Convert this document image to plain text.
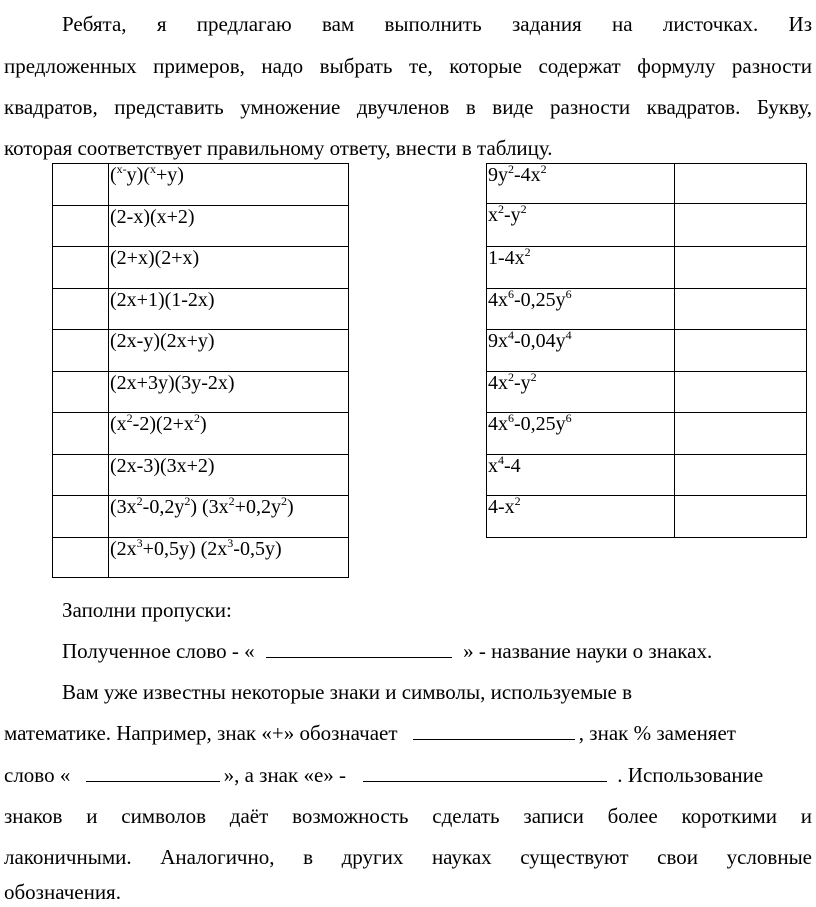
Ребята, я предлагаю вам выполнить задания на листочках. Из

предложенных примеров, надо выбрать те, которые содержат формулу разности

квадратов, представить умножение двучленов в виде разности квадратов. Букву,

которая соответствует правильному ответу, внести в таблицу.

	($^{x-}$y)($^x$+y)
	(2-x)(x+2)
	(2+x)(2+x)
	(2x+1)(1-2x)
	(2x-y)(2x+y)
	(2x+3y)(3y-2x)
	$(x^2-2)(2+x^2)$
	(2x-3)(3x+2)
	$(3x^2-0,2y^2)$ $(3x^2+0,2y^2)$
	$(2x^3+0,5y)$ $(2x^3-0,5y)$
$9y^2-4x^2$	
$x^2-y^2$	
$1-4x^2$	
$4x^6-0,25y^6$	
$9x^4-0,04y^4$	
$4x^2-y^2$	
$4x^6-0,25y^6$	
$x^4-4$	
$4-x^2$	

Заполни пропуски:

Полученное слово - «	» - название науки о знаках.

Вам уже известны некоторые знаки и символы, используемые в

математике. Например, знак «+» обозначает	, знак % заменяет

слово «	», а знак «е» -	. Использование

знаков и символов даёт возможность сделать записи более короткими и

лаконичными. Аналогично, в других науках существуют свои условные

обозначения.
